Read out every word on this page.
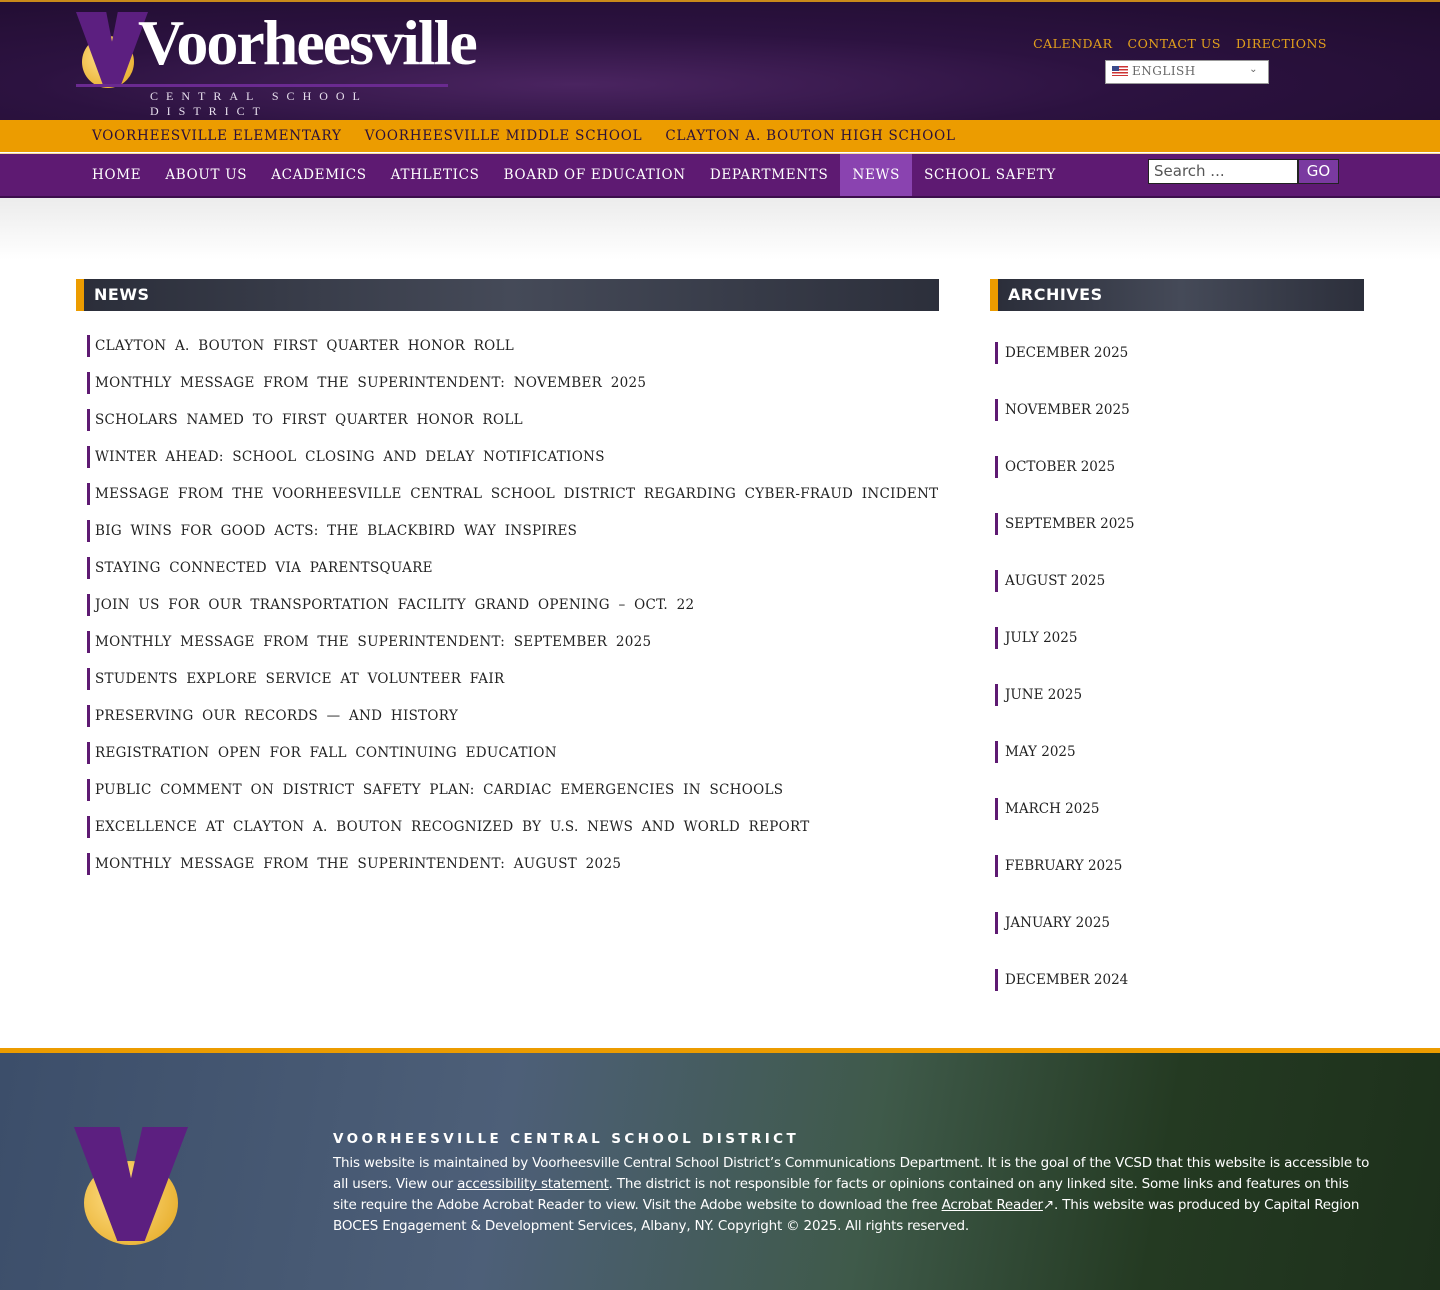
Voorheesville
CENTRAL SCHOOL DISTRICT
CALENDAR CONTACT US DIRECTIONS
ENGLISH	⌄
VOORHEESVILLE ELEMENTARY VOORHEESVILLE MIDDLE SCHOOL CLAYTON A. BOUTON HIGH SCHOOL
HOME	ABOUT US	ACADEMICS	ATHLETICS	BOARD OF EDUCATION	DEPARTMENTS	NEWS	SCHOOL SAFETY	Search ...	GO
NEWS
CLAYTON A. BOUTON FIRST QUARTER HONOR ROLL
MONTHLY MESSAGE FROM THE SUPERINTENDENT: NOVEMBER 2025
SCHOLARS NAMED TO FIRST QUARTER HONOR ROLL
WINTER AHEAD: SCHOOL CLOSING AND DELAY NOTIFICATIONS
MESSAGE FROM THE VOORHEESVILLE CENTRAL SCHOOL DISTRICT REGARDING CYBER-FRAUD INCIDENT
BIG WINS FOR GOOD ACTS: THE BLACKBIRD WAY INSPIRES
STAYING CONNECTED VIA PARENTSQUARE
JOIN US FOR OUR TRANSPORTATION FACILITY GRAND OPENING – OCT. 22
MONTHLY MESSAGE FROM THE SUPERINTENDENT: SEPTEMBER 2025
STUDENTS EXPLORE SERVICE AT VOLUNTEER FAIR
PRESERVING OUR RECORDS — AND HISTORY
REGISTRATION OPEN FOR FALL CONTINUING EDUCATION
PUBLIC COMMENT ON DISTRICT SAFETY PLAN: CARDIAC EMERGENCIES IN SCHOOLS
EXCELLENCE AT CLAYTON A. BOUTON RECOGNIZED BY U.S. NEWS AND WORLD REPORT
MONTHLY MESSAGE FROM THE SUPERINTENDENT: AUGUST 2025
ARCHIVES
DECEMBER 2025
NOVEMBER 2025
OCTOBER 2025
SEPTEMBER 2025
AUGUST 2025
JULY 2025
JUNE 2025
MAY 2025
MARCH 2025
FEBRUARY 2025
JANUARY 2025
DECEMBER 2024
VOORHEESVILLE CENTRAL SCHOOL DISTRICT
This website is maintained by Voorheesville Central School District’s Communications Department. It is the goal of the VCSD that this website is accessible to all users. View our accessibility statement. The district is not responsible for facts or opinions contained on any linked site. Some links and features on this site require the Adobe Acrobat Reader to view. Visit the Adobe website to download the free Acrobat Reader↗. This website was produced by Capital Region BOCES Engagement & Development Services, Albany, NY. Copyright © 2025. All rights reserved.
